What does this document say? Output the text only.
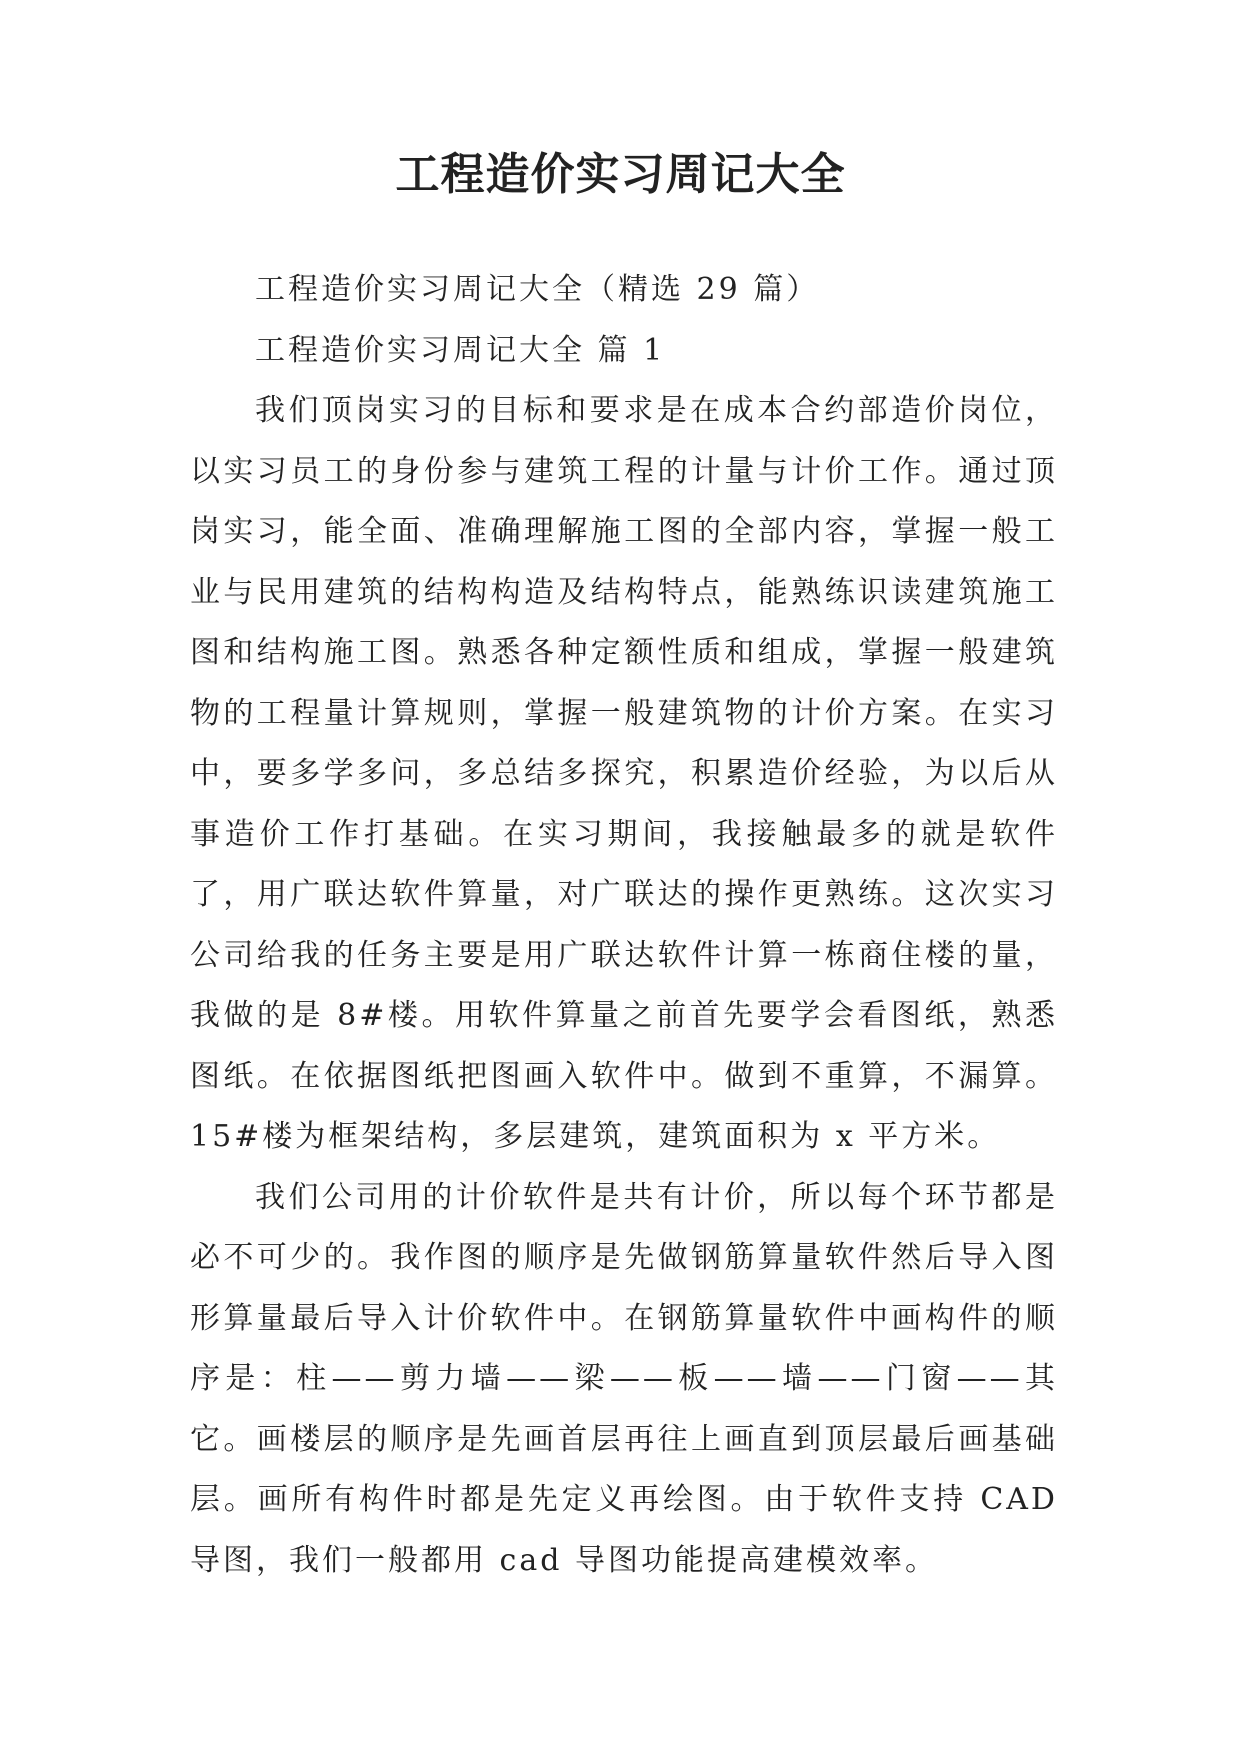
工程造价实习周记大全

工程造价实习周记大全（精选 29 篇）

工程造价实习周记大全 篇 1

我们顶岗实习的目标和要求是在成本合约部造价岗位，以实习员工的身份参与建筑工程的计量与计价工作。通过顶岗实习，能全面、准确理解施工图的全部内容，掌握一般工业与民用建筑的结构构造及结构特点，能熟练识读建筑施工图和结构施工图。熟悉各种定额性质和组成，掌握一般建筑物的工程量计算规则，掌握一般建筑物的计价方案。在实习中，要多学多问，多总结多探究，积累造价经验，为以后从事造价工作打基础。在实习期间，我接触最多的就是软件了，用广联达软件算量，对广联达的操作更熟练。这次实习公司给我的任务主要是用广联达软件计算一栋商住楼的量，我做的是 8#楼。用软件算量之前首先要学会看图纸，熟悉图纸。在依据图纸把图画入软件中。做到不重算，不漏算。15#楼为框架结构，多层建筑，建筑面积为 x 平方米。

我们公司用的计价软件是共有计价，所以每个环节都是必不可少的。我作图的顺序是先做钢筋算量软件然后导入图形算量最后导入计价软件中。在钢筋算量软件中画构件的顺序是：柱——剪力墙——梁——板——墙——门窗——其它。画楼层的顺序是先画首层再往上画直到顶层最后画基础层。画所有构件时都是先定义再绘图。由于软件支持 CAD 导图，我们一般都用 cad 导图功能提高建模效率。
